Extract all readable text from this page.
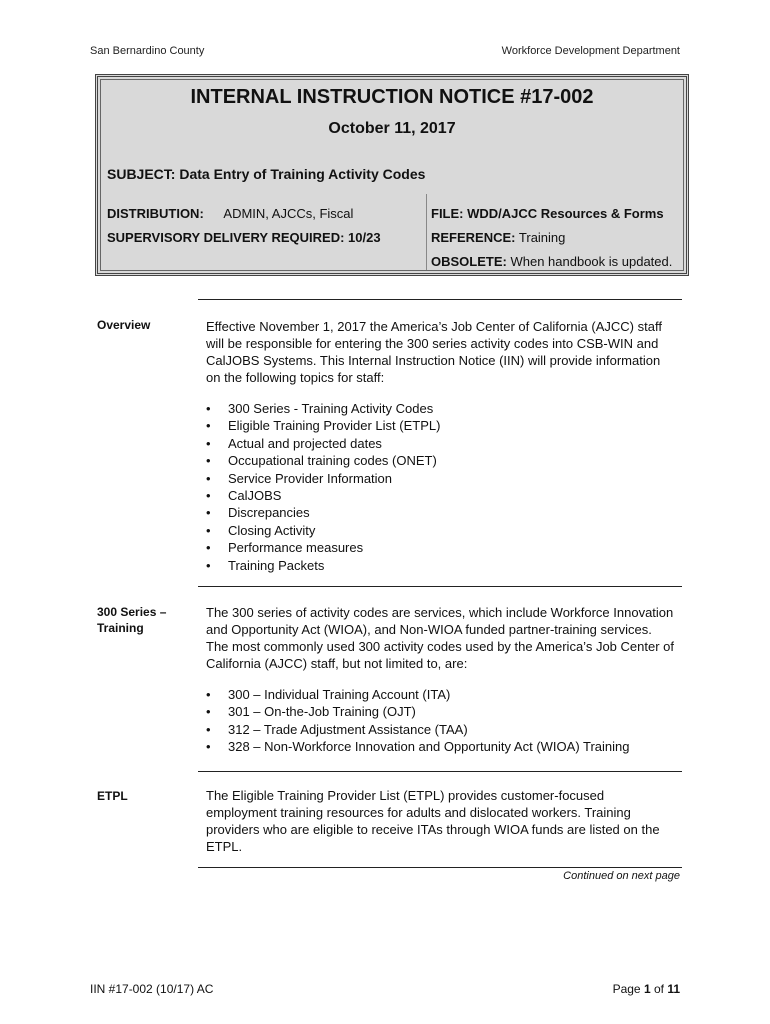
San Bernardino County	Workforce Development Department
INTERNAL INSTRUCTION NOTICE #17-002
October 11, 2017
SUBJECT: Data Entry of Training Activity Codes
DISTRIBUTION: ADMIN, AJCCs, Fiscal
SUPERVISORY DELIVERY REQUIRED: 10/23
FILE: WDD/AJCC Resources & Forms
REFERENCE: Training
OBSOLETE: When handbook is updated.
Overview	Effective November 1, 2017 the America’s Job Center of California (AJCC) staff will be responsible for entering the 300 series activity codes into CSB-WIN and CalJOBS Systems. This Internal Instruction Notice (IIN) will provide information on the following topics for staff:
• 300 Series - Training Activity Codes
• Eligible Training Provider List (ETPL)
• Actual and projected dates
• Occupational training codes (ONET)
• Service Provider Information
• CalJOBS
• Discrepancies
• Closing Activity
• Performance measures
• Training Packets
300 Series –
Training
The 300 series of activity codes are services, which include Workforce Innovation and Opportunity Act (WIOA), and Non-WIOA funded partner-training services. The most commonly used 300 activity codes used by the America’s Job Center of California (AJCC) staff, but not limited to, are:
• 300 – Individual Training Account (ITA)
• 301 – On-the-Job Training (OJT)
• 312 – Trade Adjustment Assistance (TAA)
• 328 – Non-Workforce Innovation and Opportunity Act (WIOA) Training
ETPL	The Eligible Training Provider List (ETPL) provides customer-focused employment training resources for adults and dislocated workers. Training providers who are eligible to receive ITAs through WIOA funds are listed on the ETPL.
Continued on next page
IIN #17-002 (10/17) AC	Page 1 of 11
